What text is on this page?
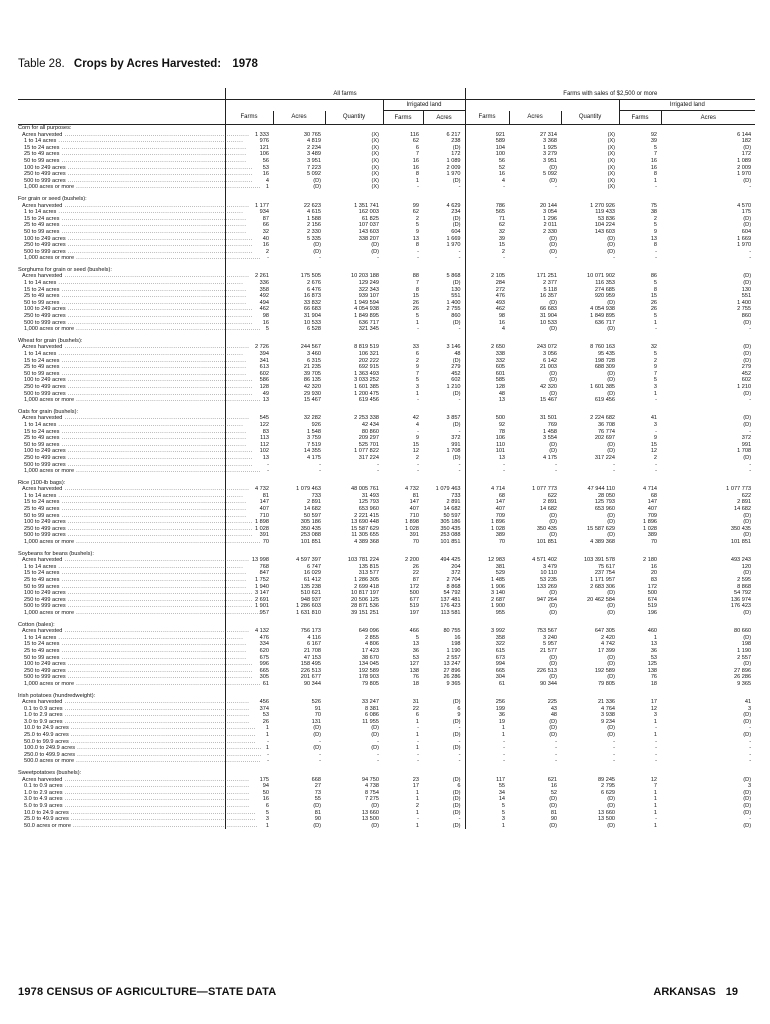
Table 28. Crops by Acres Harvested: 1978
	All farms					Farms with sales of $2,500 or more				
				Irrigated land					Irrigated land	
	Farms	Acres	Quantity	Farms	Acres	Farms	Acres	Quantity	Farms	Acres
Corn for all purposes:										
Acres harvested ..........................................................................................	1 333	30 765	(X)	116	6 217	921	27 314	(X)	92	6 144
1 to 14 acres ..........................................................................................	976	4 819	(X)	62	238	589	3 368	(X)	39	182
15 to 24 acres ..........................................................................................	121	2 234	(X)	6	(D)	104	1 925	(X)	5	(D)
25 to 49 acres ..........................................................................................	106	3 489	(X)	7	172	100	3 279	(X)	7	172
50 to 99 acres ..........................................................................................	56	3 951	(X)	16	1 089	56	3 951	(X)	16	1 089
100 to 249 acres ..........................................................................................	53	7 223	(X)	16	2 009	52	(D)	(X)	16	2 009
250 to 499 acres ..........................................................................................	16	5 092	(X)	8	1 970	16	5 092	(X)	8	1 970
500 to 999 acres ..........................................................................................	4	(D)	(X)	1	(D)	4	(D)	(X)	1	(D)
1,000 acres or more ..........................................................................................	1	(D)	(X)	-	-	-	-	(X)	-	-

For grain or seed (bushels):										
Acres harvested ..........................................................................................	1 177	22 623	1 351 741	99	4 629	786	20 144	1 270 926	75	4 570
1 to 14 acres ..........................................................................................	934	4 615	162 003	62	234	565	3 054	119 433	38	175
15 to 24 acres ..........................................................................................	87	1 588	61 825	2	(D)	71	1 296	53 836	2	(D)
25 to 49 acres ..........................................................................................	66	2 156	107 037	5	(D)	62	2 011	104 224	5	(D)
50 to 99 acres ..........................................................................................	32	2 330	143 603	9	604	32	2 330	143 603	9	604
100 to 249 acres ..........................................................................................	40	5 335	338 207	13	1 669	39	(D)	(D)	13	1 669
250 to 499 acres ..........................................................................................	16	(D)	(D)	8	1 970	15	(D)	(D)	8	1 970
500 to 999 acres ..........................................................................................	2	(D)	(D)	-	-	2	(D)	(D)	-	-
1,000 acres or more ..........................................................................................	-	-	-	-	-	-	-	-	-	-

Sorghums for grain or seed (bushels):										
Acres harvested ..........................................................................................	2 261	175 505	10 203 188	88	5 868	2 105	171 251	10 071 902	86	(D)
1 to 14 acres ..........................................................................................	336	2 676	129 249	7	(D)	284	2 377	116 353	5	(D)
15 to 24 acres ..........................................................................................	358	6 476	322 343	8	130	272	5 118	274 685	8	130
25 to 49 acres ..........................................................................................	492	16 873	939 107	15	551	476	16 357	920 959	15	551
50 to 99 acres ..........................................................................................	494	33 832	1 949 594	26	1 400	493	(D)	(D)	26	1 400
100 to 249 acres ..........................................................................................	462	66 683	4 054 938	26	2 755	462	66 683	4 054 938	26	2 755
250 to 499 acres ..........................................................................................	98	31 904	1 849 895	5	860	98	31 904	1 849 895	5	860
500 to 999 acres ..........................................................................................	16	10 533	636 717	1	(D)	16	10 533	636 717	1	(D)
1,000 acres or more ..........................................................................................	5	6 528	321 345	-	-	4	(D)	(D)	-	-

Wheat for grain (bushels):										
Acres harvested ..........................................................................................	2 726	244 567	8 819 519	33	3 146	2 650	243 072	8 760 163	32	(D)
1 to 14 acres ..........................................................................................	394	3 460	106 321	6	48	338	3 056	95 435	5	(D)
15 to 24 acres ..........................................................................................	341	6 315	202 222	2	(D)	332	6 142	198 728	2	(D)
25 to 49 acres ..........................................................................................	613	21 235	692 915	9	279	605	21 003	688 309	9	279
50 to 99 acres ..........................................................................................	602	39 705	1 363 493	7	452	601	(D)	(D)	7	452
100 to 249 acres ..........................................................................................	586	86 135	3 033 252	5	602	585	(D)	(D)	5	602
250 to 499 acres ..........................................................................................	128	42 320	1 601 385	3	1 210	128	42 320	1 601 385	3	1 210
500 to 999 acres ..........................................................................................	49	29 930	1 200 475	1	(D)	48	(D)	(D)	1	(D)
1,000 acres or more ..........................................................................................	13	15 467	619 456	-	-	13	15 467	619 456	-	-

Oats for grain (bushels):										
Acres harvested ..........................................................................................	545	32 282	2 253 338	42	3 857	500	31 501	2 224 682	41	(D)
1 to 14 acres ..........................................................................................	122	926	42 434	4	(D)	92	769	36 708	3	(D)
15 to 24 acres ..........................................................................................	83	1 548	80 860	-	-	78	1 458	76 774	-	-
25 to 49 acres ..........................................................................................	113	3 759	209 297	9	372	106	3 554	202 697	9	372
50 to 99 acres ..........................................................................................	112	7 519	525 701	15	991	110	(D)	(D)	15	991
100 to 249 acres ..........................................................................................	102	14 355	1 077 822	12	1 708	101	(D)	(D)	12	1 708
250 to 499 acres ..........................................................................................	13	4 175	317 224	2	(D)	13	4 175	317 224	2	(D)
500 to 999 acres ..........................................................................................	-	-	-	-	-	-	-	-	-	-
1,000 acres or more ..........................................................................................	-	-	-	-	-	-	-	-	-	-

Rice (100-lb bags):										
Acres harvested ..........................................................................................	4 732	1 079 463	48 005 761	4 732	1 079 463	4 714	1 077 773	47 944 110	4 714	1 077 773
1 to 14 acres ..........................................................................................	81	733	31 493	81	733	68	622	28 050	68	622
15 to 24 acres ..........................................................................................	147	2 891	125 793	147	2 891	147	2 891	125 793	147	2 891
25 to 49 acres ..........................................................................................	407	14 682	653 960	407	14 682	407	14 682	653 960	407	14 682
50 to 99 acres ..........................................................................................	710	50 597	2 221 415	710	50 597	709	(D)	(D)	709	(D)
100 to 249 acres ..........................................................................................	1 898	305 186	13 690 448	1 898	305 186	1 896	(D)	(D)	1 896	(D)
250 to 499 acres ..........................................................................................	1 028	350 435	15 587 629	1 028	350 435	1 028	350 435	15 587 629	1 028	350 435
500 to 999 acres ..........................................................................................	391	253 088	11 305 655	391	253 088	389	(D)	(D)	389	(D)
1,000 acres or more ..........................................................................................	70	101 851	4 389 368	70	101 851	70	101 851	4 389 368	70	101 851

Soybeans for beans (bushels):										
Acres harvested ..........................................................................................	13 998	4 597 397	103 781 224	2 200	494 425	12 983	4 571 402	103 391 578	2 180	493 243
1 to 14 acres ..........................................................................................	768	6 747	135 815	26	204	381	3 479	75 617	16	120
15 to 24 acres ..........................................................................................	847	16 029	313 577	22	372	529	10 110	237 754	20	(D)
25 to 49 acres ..........................................................................................	1 752	61 412	1 286 305	87	2 704	1 485	53 235	1 171 957	83	2 595
50 to 99 acres ..........................................................................................	1 940	135 238	2 699 418	172	8 868	1 906	133 269	2 683 306	172	8 868
100 to 249 acres ..........................................................................................	3 147	510 621	10 817 197	500	54 792	3 140	(D)	(D)	500	54 792
250 to 499 acres ..........................................................................................	2 691	948 937	20 506 125	677	137 481	2 687	947 264	20 462 584	674	136 974
500 to 999 acres ..........................................................................................	1 901	1 286 603	28 871 536	519	176 423	1 900	(D)	(D)	519	176 423
1,000 acres or more ..........................................................................................	957	1 631 810	39 151 251	197	113 581	955	(D)	(D)	196	(D)

Cotton (bales):										
Acres harvested ..........................................................................................	4 132	756 173	649 096	466	80 755	3 992	753 567	647 305	460	80 660
1 to 14 acres ..........................................................................................	476	4 116	2 855	5	16	358	3 240	2 420	1	(D)
15 to 24 acres ..........................................................................................	334	6 167	4 806	13	198	322	5 957	4 742	13	198
25 to 49 acres ..........................................................................................	620	21 708	17 423	36	1 190	615	21 577	17 399	36	1 190
50 to 99 acres ..........................................................................................	675	47 153	38 670	53	2 557	673	(D)	(D)	53	2 557
100 to 249 acres ..........................................................................................	996	158 495	134 045	127	13 247	994	(D)	(D)	125	(D)
250 to 499 acres ..........................................................................................	665	226 513	192 589	138	27 896	665	226 513	192 589	138	27 896
500 to 999 acres ..........................................................................................	305	201 677	178 903	76	26 286	304	(D)	(D)	76	26 286
1,000 acres or more ..........................................................................................	61	90 344	79 805	18	9 365	61	90 344	79 805	18	9 365

Irish potatoes (hundredweight):										
Acres harvested ..........................................................................................	456	526	33 247	31	(D)	256	225	21 336	17	41
0.1 to 0.9 acres ..........................................................................................	374	91	8 381	22	6	199	43	4 764	12	3
1.0 to 2.9 acres ..........................................................................................	53	70	6 086	6	9	36	48	3 938	3	(D)
3.0 to 9.9 acres ..........................................................................................	26	131	11 955	1	(D)	19	(D)	9 234	1	(D)
10.0 to 24.9 acres ..........................................................................................	1	(D)	(D)	-	-	1	(D)	(D)	-	-
25.0 to 49.9 acres ..........................................................................................	1	(D)	(D)	1	(D)	1	(D)	(D)	1	(D)
50.0 to 99.9 acres ..........................................................................................	-	-	-	-	-	-	-	-	-	-
100.0 to 249.9 acres ..........................................................................................	1	(D)	(D)	1	(D)	-	-	-	-	-
250.0 to 499.9 acres ..........................................................................................	-	-	-	-	-	-	-	-	-	-
500.0 acres or more ..........................................................................................	-	-	-	-	-	-	-	-	-	-

Sweetpotatoes (bushels):										
Acres harvested ..........................................................................................	175	668	94 750	23	(D)	117	621	89 245	12	(D)
0.1 to 0.9 acres ..........................................................................................	94	27	4 738	17	6	55	16	2 795	7	3
1.0 to 2.9 acres ..........................................................................................	50	73	8 754	1	(D)	34	52	6 629	1	(D)
3.0 to 4.9 acres ..........................................................................................	16	55	7 275	1	(D)	14	(D)	(D)	1	(D)
5.0 to 9.9 acres ..........................................................................................	6	(D)	(D)	2	(D)	5	(D)	(D)	1	(D)
10.0 to 24.9 acres ..........................................................................................	5	81	13 660	1	(D)	5	81	13 660	1	(D)
25.0 to 49.9 acres ..........................................................................................	3	90	13 500	-	-	3	90	13 500	-	-
50.0 acres or more ..........................................................................................	1	(D)	(D)	1	(D)	1	(D)	(D)	1	(D)
1978 CENSUS OF AGRICULTURE—STATE DATA	ARKANSAS 19
